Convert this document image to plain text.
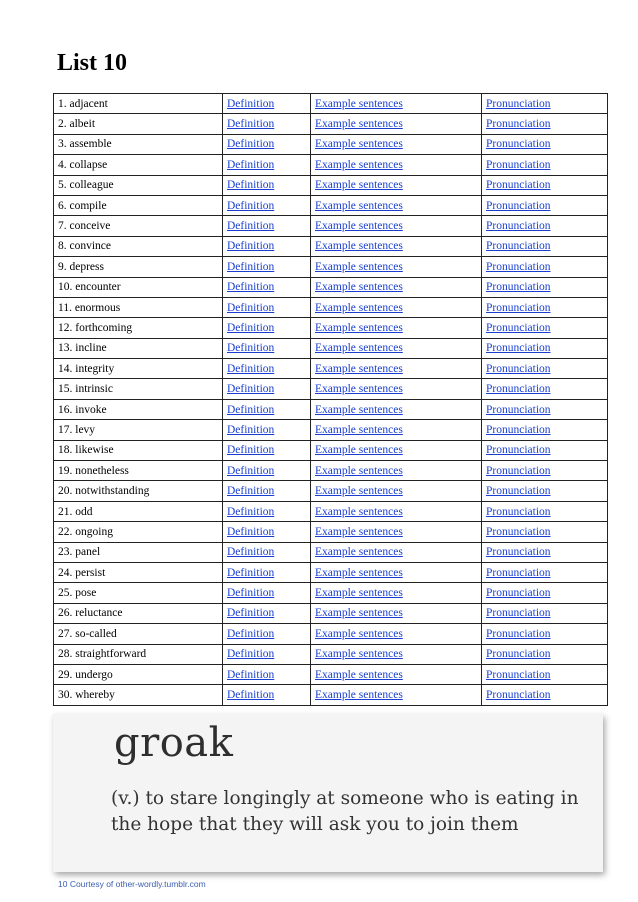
List 10
1. adjacent	Definition	Example sentences	Pronunciation
2. albeit	Definition	Example sentences	Pronunciation
3. assemble	Definition	Example sentences	Pronunciation
4. collapse	Definition	Example sentences	Pronunciation
5. colleague	Definition	Example sentences	Pronunciation
6. compile	Definition	Example sentences	Pronunciation
7. conceive	Definition	Example sentences	Pronunciation
8. convince	Definition	Example sentences	Pronunciation
9. depress	Definition	Example sentences	Pronunciation
10. encounter	Definition	Example sentences	Pronunciation
11. enormous	Definition	Example sentences	Pronunciation
12. forthcoming	Definition	Example sentences	Pronunciation
13. incline	Definition	Example sentences	Pronunciation
14. integrity	Definition	Example sentences	Pronunciation
15. intrinsic	Definition	Example sentences	Pronunciation
16. invoke	Definition	Example sentences	Pronunciation
17. levy	Definition	Example sentences	Pronunciation
18. likewise	Definition	Example sentences	Pronunciation
19. nonetheless	Definition	Example sentences	Pronunciation
20. notwithstanding	Definition	Example sentences	Pronunciation
21. odd	Definition	Example sentences	Pronunciation
22. ongoing	Definition	Example sentences	Pronunciation
23. panel	Definition	Example sentences	Pronunciation
24. persist	Definition	Example sentences	Pronunciation
25. pose	Definition	Example sentences	Pronunciation
26. reluctance	Definition	Example sentences	Pronunciation
27. so-called	Definition	Example sentences	Pronunciation
28. straightforward	Definition	Example sentences	Pronunciation
29. undergo	Definition	Example sentences	Pronunciation
30. whereby	Definition	Example sentences	Pronunciation

groak

(v.) to stare longingly at someone who is eating in the hope that they will ask you to join them

10 Courtesy of other-wordly.tumblr.com
